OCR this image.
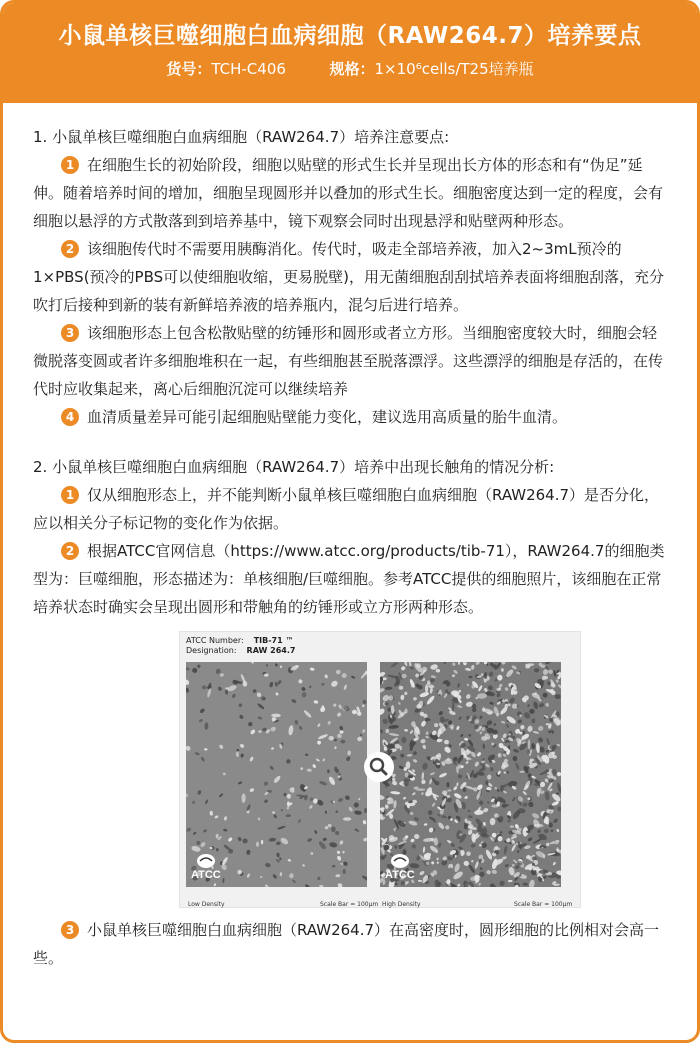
小鼠单核巨噬细胞白血病细胞（RAW264.7）培养要点
货号：TCH-C406	规格：1×10⁶cells/T25培养瓶
1. 小鼠单核巨噬细胞白血病细胞（RAW264.7）培养注意要点:
1 在细胞生长的初始阶段，细胞以贴壁的形式生长并呈现出长方体的形态和有“伪足”延伸。随着培养时间的增加，细胞呈现圆形并以叠加的形式生长。细胞密度达到一定的程度，会有细胞以悬浮的方式散落到到培养基中，镜下观察会同时出现悬浮和贴壁两种形态。
2 该细胞传代时不需要用胰酶消化。传代时，吸走全部培养液，加入2~3mL预冷的1×PBS(预冷的PBS可以使细胞收缩，更易脱壁)，用无菌细胞刮刮拭培养表面将细胞刮落，充分吹打后接种到新的装有新鲜培养液的培养瓶内，混匀后进行培养。
3 该细胞形态上包含松散贴壁的纺锤形和圆形或者立方形。当细胞密度较大时，细胞会轻微脱落变圆或者许多细胞堆积在一起，有些细胞甚至脱落漂浮。这些漂浮的细胞是存活的，在传代时应收集起来，离心后细胞沉淀可以继续培养
4 血清质量差异可能引起细胞贴壁能力变化，建议选用高质量的胎牛血清。
2. 小鼠单核巨噬细胞白血病细胞（RAW264.7）培养中出现长触角的情况分析:
1 仅从细胞形态上，并不能判断小鼠单核巨噬细胞白血病细胞（RAW264.7）是否分化，应以相关分子标记物的变化作为依据。
2 根据ATCC官网信息（https://www.atcc.org/products/tib-71），RAW264.7的细胞类型为：巨噬细胞，形态描述为：单核细胞/巨噬细胞。参考ATCC提供的细胞照片，该细胞在正常培养状态时确实会呈现出圆形和带触角的纺锤形或立方形两种形态。
ATCC Number: TIB-71 ™
Designation: RAW 264.7
ATCC	ATCC
Low Density	Scale Bar = 100µm High Density	Scale Bar = 100µm
3 小鼠单核巨噬细胞白血病细胞（RAW264.7）在高密度时，圆形细胞的比例相对会高一些。
